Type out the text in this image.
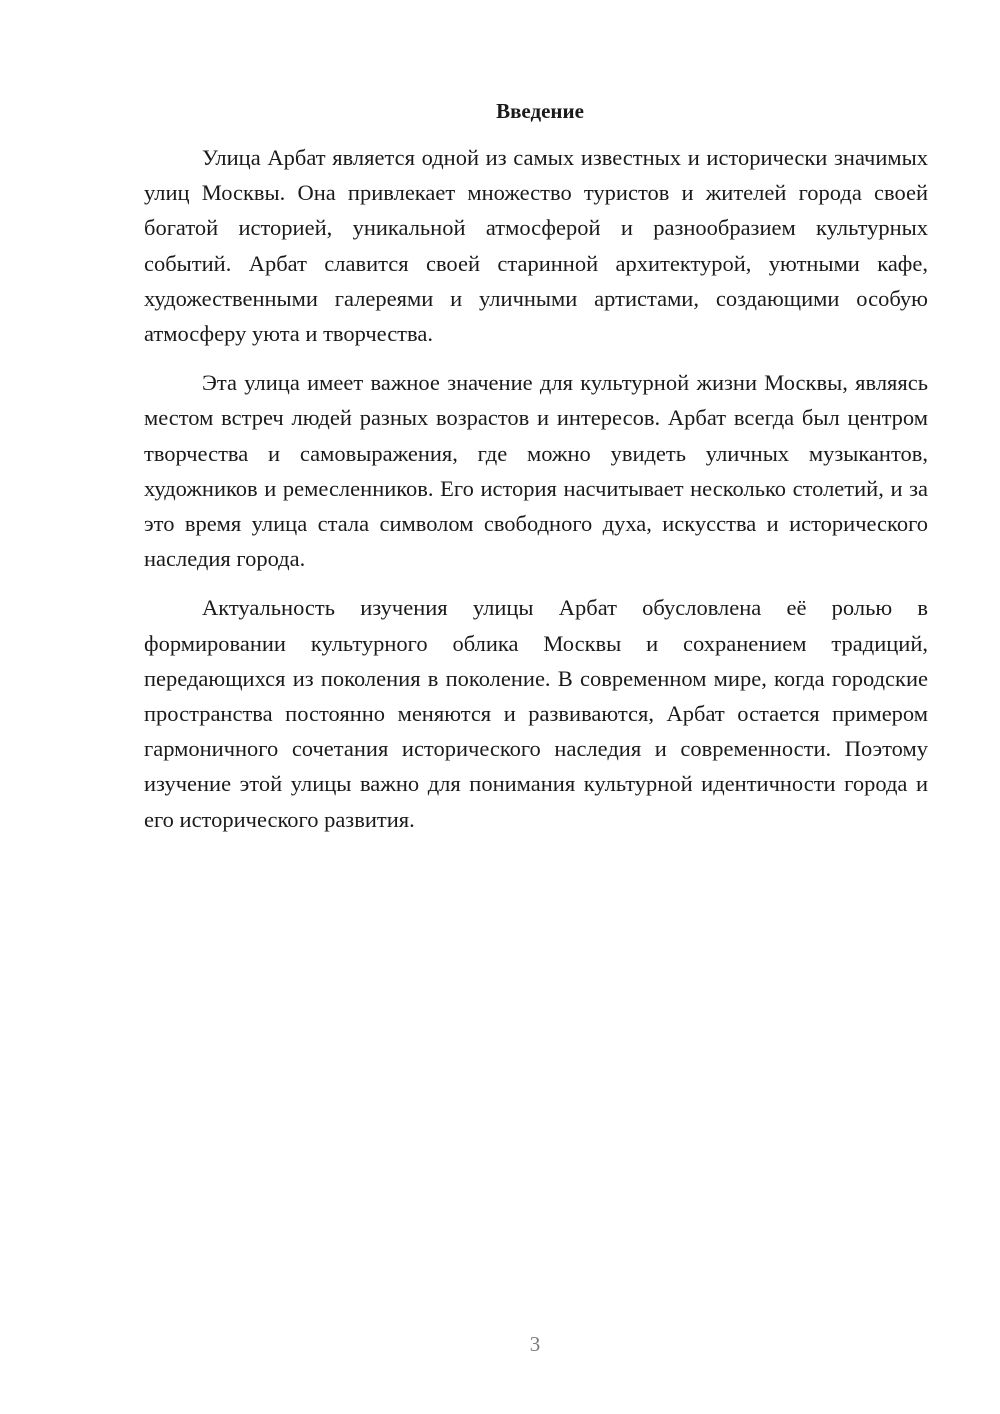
Введение

Улица Арбат является одной из самых известных и исторически значимых улиц Москвы. Она привлекает множество туристов и жителей города своей богатой историей, уникальной атмосферой и разнообразием культурных событий. Арбат славится своей старинной архитектурой, уютными кафе, художественными галереями и уличными артистами, создающими особую атмосферу уюта и творчества.

Эта улица имеет важное значение для культурной жизни Москвы, являясь местом встреч людей разных возрастов и интересов. Арбат всегда был центром творчества и самовыражения, где можно увидеть уличных музыкантов, художников и ремесленников. Его история насчитывает несколько столетий, и за это время улица стала символом свободного духа, искусства и исторического наследия города.

Актуальность изучения улицы Арбат обусловлена её ролью в формировании культурного облика Москвы и сохранением традиций, передающихся из поколения в поколение. В современном мире, когда городские пространства постоянно меняются и развиваются, Арбат остается примером гармоничного сочетания исторического наследия и современности. Поэтому изучение этой улицы важно для понимания культурной идентичности города и его исторического развития.

3
